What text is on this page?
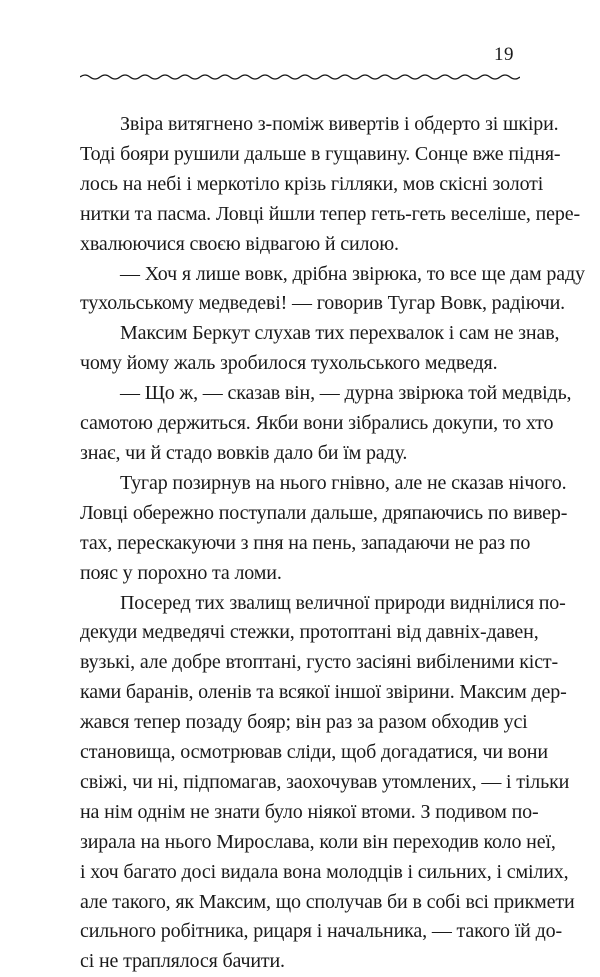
19
Звіра витягнено з-поміж вивертів і обдерто зі шкіри.
Тоді бояри рушили дальше в гущавину. Сонце вже підня-
лось на небі і меркотіло крізь гілляки, мов скісні золоті
нитки та пасма. Ловці йшли тепер геть-геть веселіше, пере-
хвалюючися своєю відвагою й силою.
— Хоч я лише вовк, дрібна звірюка, то все ще дам раду
тухольському медведеві! — говорив Тугар Вовк, радіючи.
Максим Беркут слухав тих перехвалок і сам не знав,
чому йому жаль зробилося тухольського медведя.
— Що ж, — сказав він, — дурна звірюка той медвідь,
самотою держиться. Якби вони зібрались докупи, то хто
знає, чи й стадо вовків дало би їм раду.
Тугар позирнув на нього гнівно, але не сказав нічого.
Ловці обережно поступали дальше, дряпаючись по вивер-
тах, перескакуючи з пня на пень, западаючи не раз по
пояс у порохно та ломи.
Посеред тих звалищ величної природи виднілися по-
декуди медведячі стежки, протоптані від давніх-давен,
вузькі, але добре втоптані, густо засіяні вибіленими кіст-
ками баранів, оленів та всякої іншої звірини. Максим дер-
жався тепер позаду бояр; він раз за разом обходив усі
становища, осмотрював сліди, щоб догадатися, чи вони
свіжі, чи ні, підпомагав, заохочував утомлених, — і тільки
на нім однім не знати було ніякої втоми. З подивом по-
зирала на нього Мирослава, коли він переходив коло неї,
і хоч багато досі видала вона молодців і сильних, і смілих,
але такого, як Максим, що сполучав би в собі всі прикмети
сильного робітника, рицаря і начальника, — такого їй до-
сі не траплялося бачити.
